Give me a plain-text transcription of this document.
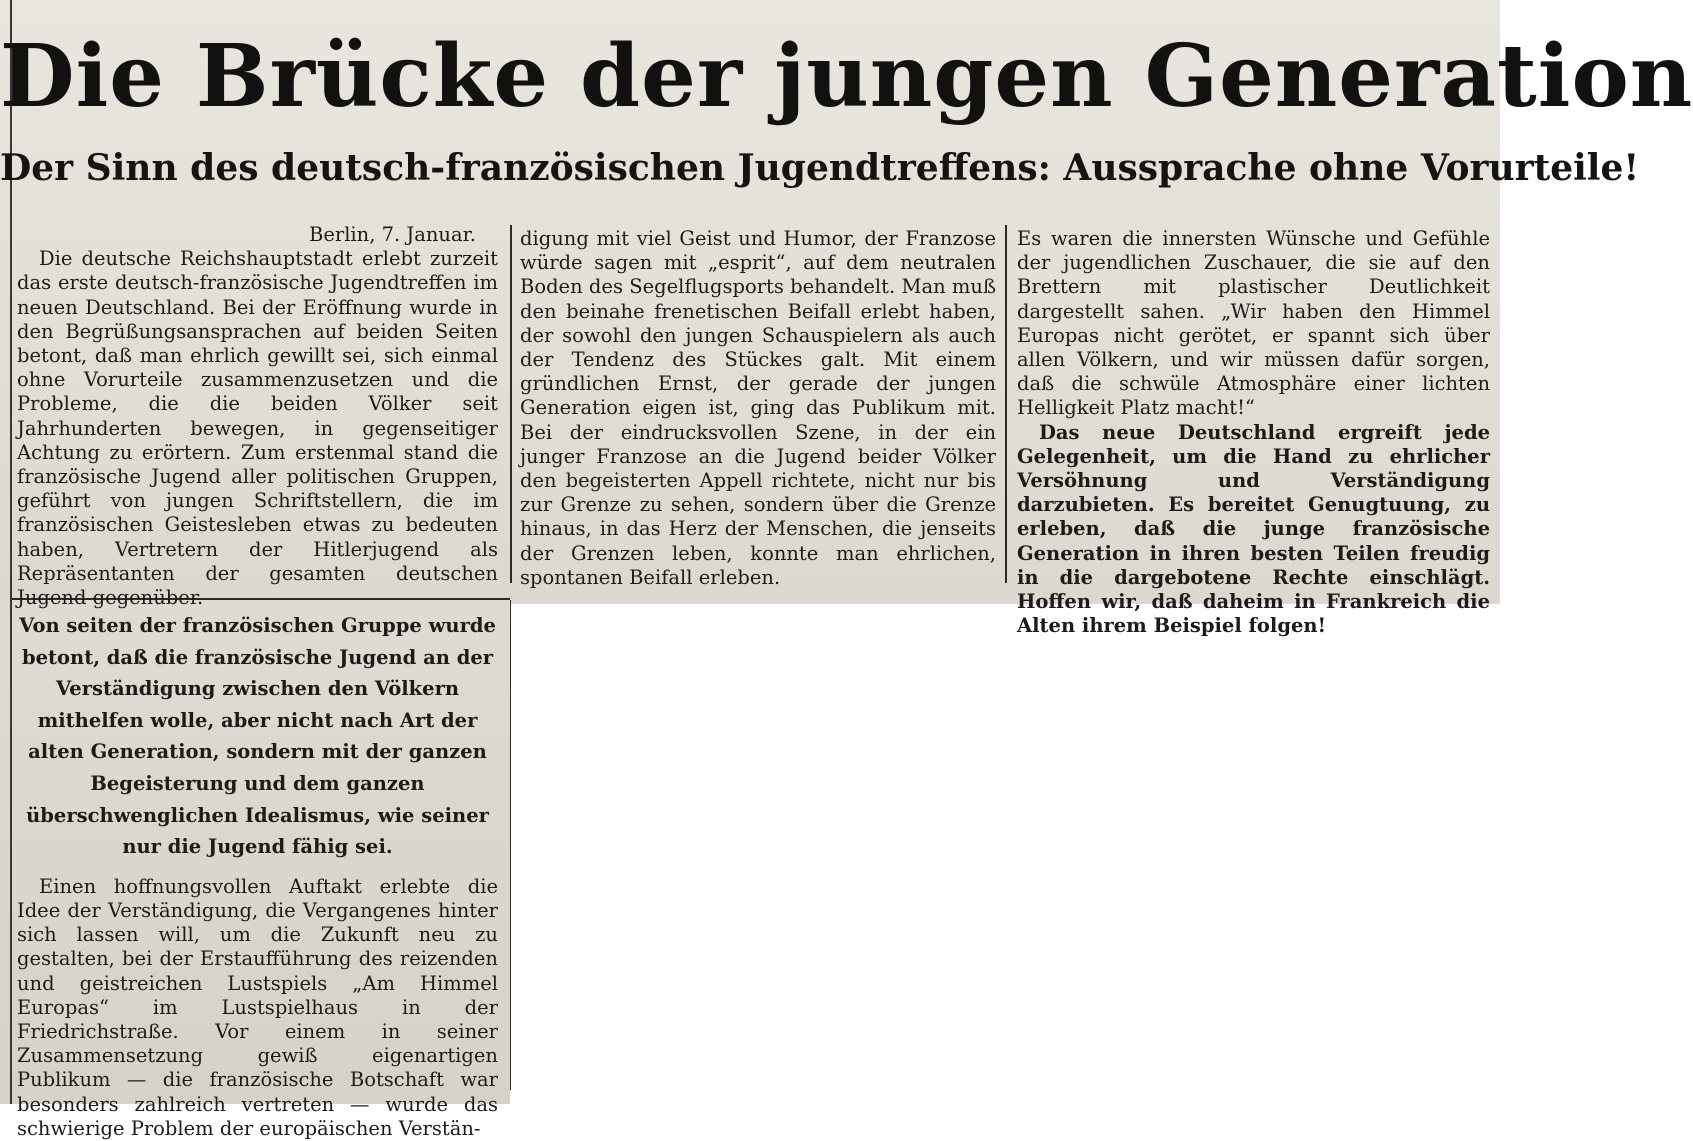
Die Brücke der jungen Generation
Der Sinn des deutsch-französischen Jugendtreffens: Aussprache ohne Vorurteile!

Berlin, 7. Januar.

Die deutsche Reichshauptstadt erlebt zurzeit das erste deutsch-französische Jugendtreffen im neuen Deutschland. Bei der Eröffnung wurde in den Begrüßungsansprachen auf beiden Seiten betont, daß man ehrlich gewillt sei, sich einmal ohne Vorurteile zusammenzusetzen und die Probleme, die die beiden Völker seit Jahrhunderten bewegen, in gegenseitiger Achtung zu erörtern. Zum erstenmal stand die französische Jugend aller politischen Gruppen, geführt von jungen Schriftstellern, die im französischen Geistesleben etwas zu bedeuten haben, Vertretern der Hitlerjugend als Repräsentanten der gesamten deutschen Jugend gegenüber.

digung mit viel Geist und Humor, der Franzose würde sagen mit „esprit“, auf dem neutralen Boden des Segelflugsports behandelt. Man muß den beinahe frenetischen Beifall erlebt haben, der sowohl den jungen Schauspielern als auch der Tendenz des Stückes galt. Mit einem gründlichen Ernst, der gerade der jungen Generation eigen ist, ging das Publikum mit. Bei der eindrucksvollen Szene, in der ein junger Franzose an die Jugend beider Völker den begeisterten Appell richtete, nicht nur bis zur Grenze zu sehen, sondern über die Grenze hinaus, in das Herz der Menschen, die jenseits der Grenzen leben, konnte man ehrlichen, spontanen Beifall erleben.

Es waren die innersten Wünsche und Gefühle der jugendlichen Zuschauer, die sie auf den Brettern mit plastischer Deutlichkeit dargestellt sahen. „Wir haben den Himmel Europas nicht gerötet, er spannt sich über allen Völkern, und wir müssen dafür sorgen, daß die schwüle Atmosphäre einer lichten Helligkeit Platz macht!“

Das neue Deutschland ergreift jede Gelegenheit, um die Hand zu ehrlicher Versöhnung und Verständigung darzubieten. Es bereitet Genugtuung, zu erleben, daß die junge französische Generation in ihren besten Teilen freudig in die dargebotene Rechte einschlägt. Hoffen wir, daß daheim in Frankreich die Alten ihrem Beispiel folgen!

Von seiten der französischen Gruppe wurde betont, daß die französische Jugend an der Verständigung zwischen den Völkern mithelfen wolle, aber nicht nach Art der alten Generation, sondern mit der ganzen Begeisterung und dem ganzen überschwenglichen Idealismus, wie seiner nur die Jugend fähig sei.

Einen hoffnungsvollen Auftakt erlebte die Idee der Verständigung, die Vergangenes hinter sich lassen will, um die Zukunft neu zu gestalten, bei der Erstaufführung des reizenden und geistreichen Lustspiels „Am Himmel Europas“ im Lustspielhaus in der Friedrichstraße. Vor einem in seiner Zusammensetzung gewiß eigenartigen Publikum — die französische Botschaft war besonders zahlreich vertreten — wurde das schwierige Problem der europäischen Verstän-
